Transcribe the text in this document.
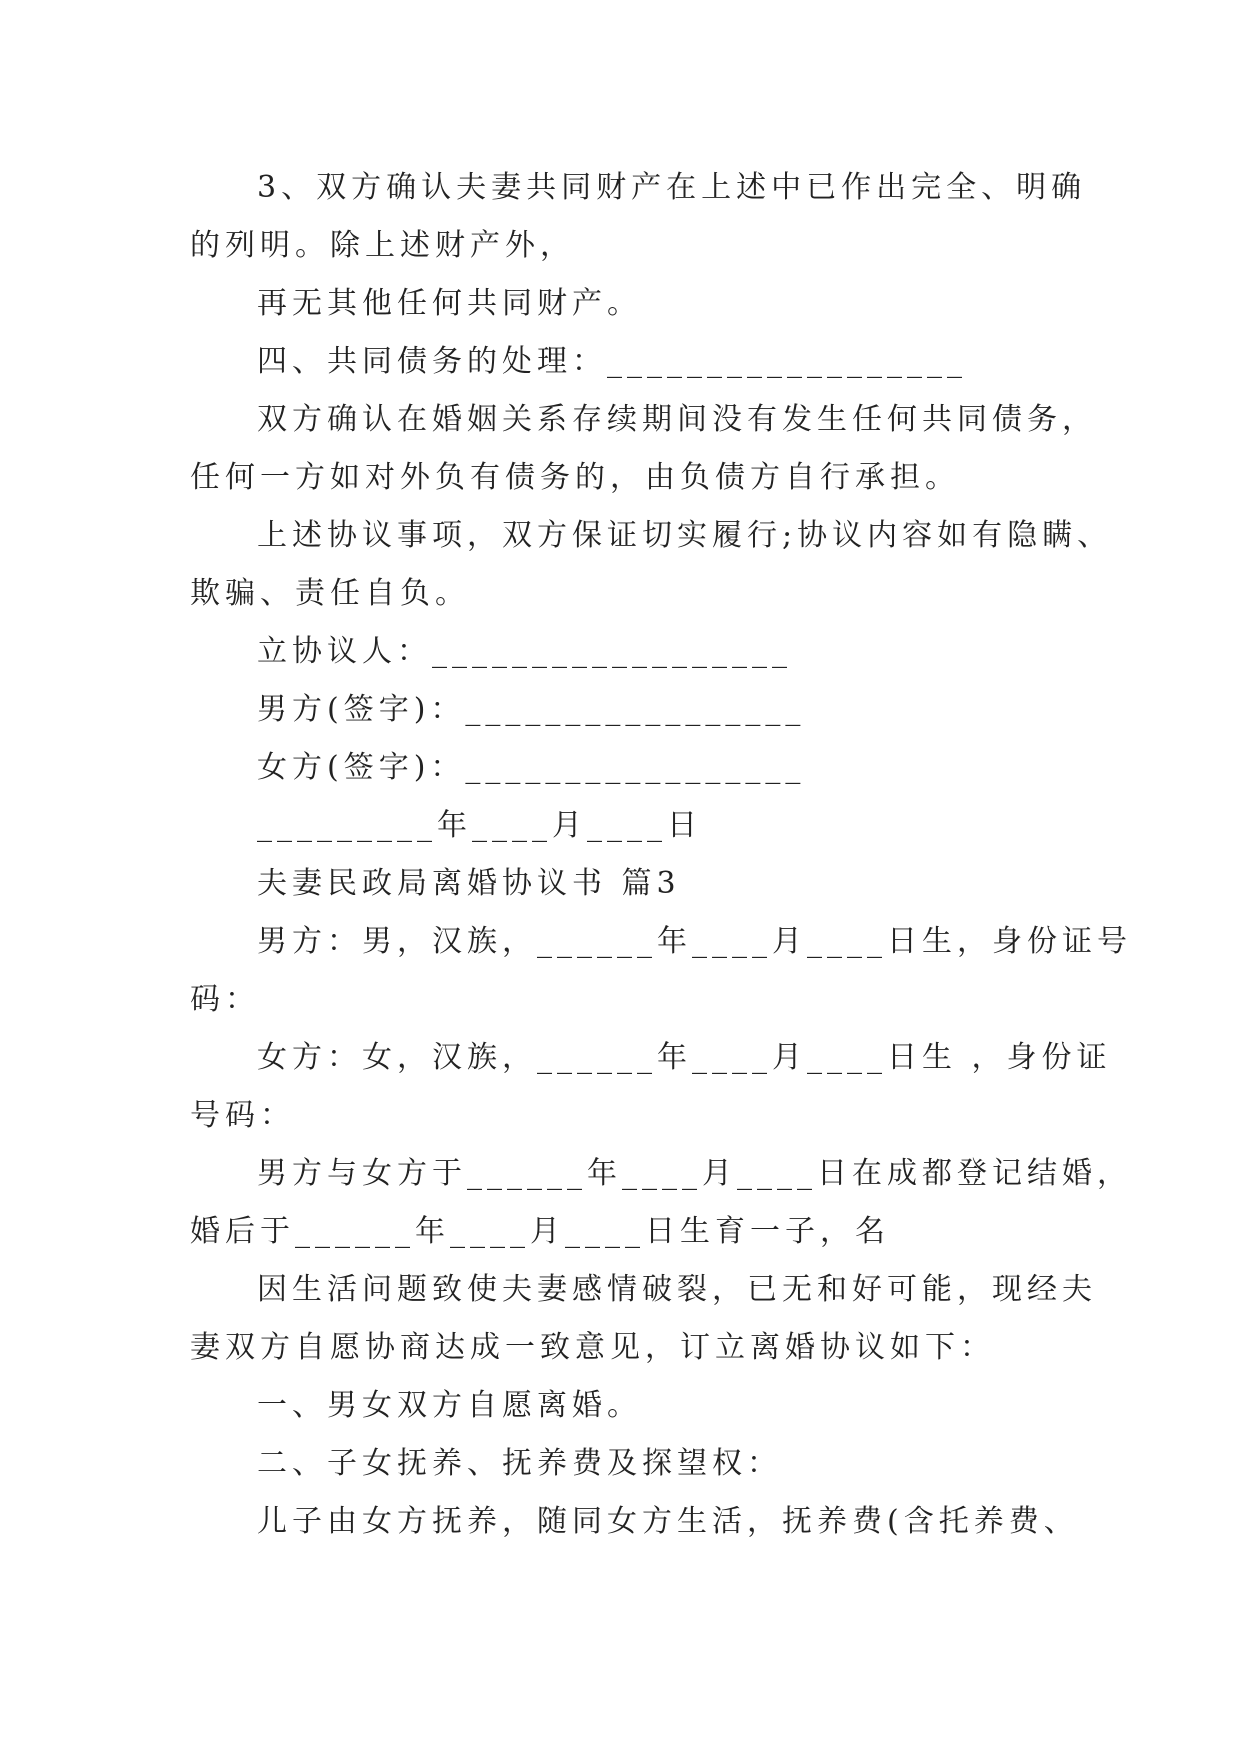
3、双方确认夫妻共同财产在上述中已作出完全、明确
的列明。除上述财产外，
再无其他任何共同财产。
四、共同债务的处理：__________________
双方确认在婚姻关系存续期间没有发生任何共同债务，
任何一方如对外负有债务的，由负债方自行承担。
上述协议事项，双方保证切实履行;协议内容如有隐瞒、
欺骗、责任自负。
立协议人：__________________
男方(签字)：_________________
女方(签字)：_________________
_________年____月____日
夫妻民政局离婚协议书 篇3
男方：男，汉族，______年____月____日生，身份证号
码：
女方：女，汉族，______年____月____日生 ，身份证
号码：
男方与女方于______年____月____日在成都登记结婚，
婚后于______年____月____日生育一子，名
因生活问题致使夫妻感情破裂，已无和好可能，现经夫
妻双方自愿协商达成一致意见，订立离婚协议如下：
一、男女双方自愿离婚。
二、子女抚养、抚养费及探望权：
儿子由女方抚养，随同女方生活，抚养费(含托养费、
